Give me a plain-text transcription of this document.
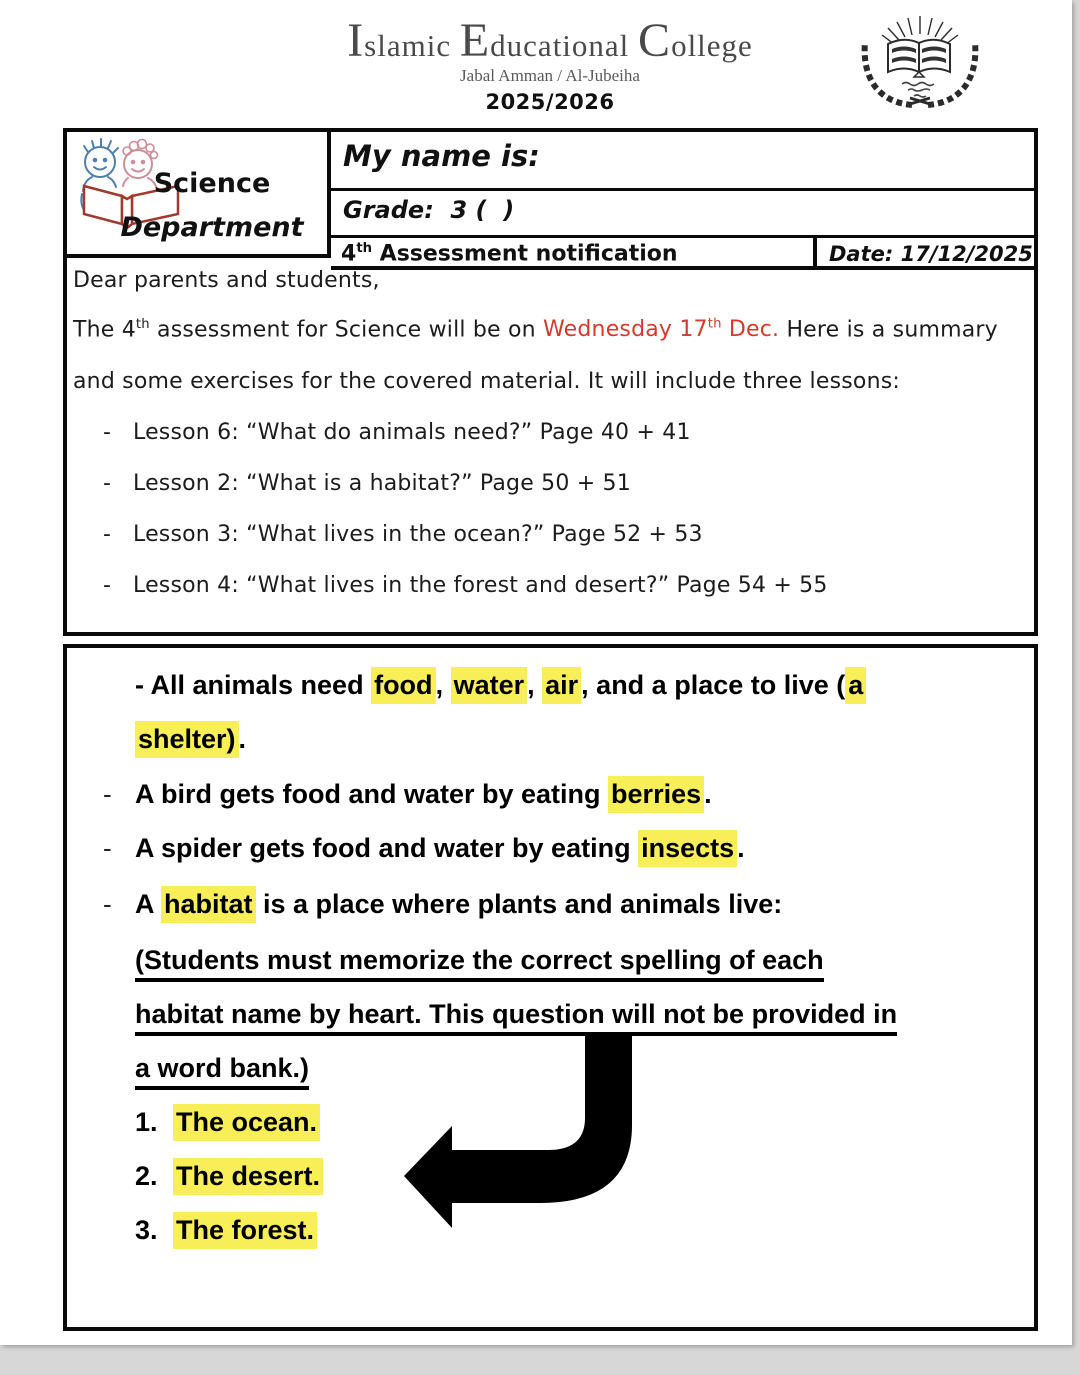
Islamic Educational College
Jabal Amman / Al-Jubeiha
2025/2026
Science
Department
My name is:
Grade:  3 (  )
4th Assessment notification	Date: 17/12/2025
Dear parents and students,
The 4th assessment for Science will be on Wednesday 17th Dec. Here is a summary
and some exercises for the covered material. It will include three lessons:
- Lesson 6: “What do animals need?” Page 40 + 41
- Lesson 2: “What is a habitat?” Page 50 + 51
- Lesson 3: “What lives in the ocean?” Page 52 + 53
- Lesson 4: “What lives in the forest and desert?” Page 54 + 55
- All animals need food , water , air , and a place to live ( a
shelter) .
- A bird gets food and water by eating berries .
- A spider gets food and water by eating insects .
- A habitat is a place where plants and animals live:
(Students must memorize the correct spelling of each
habitat name by heart. This question will not be provided in
a word bank.)
1. The ocean.
2. The desert.
3. The forest.
